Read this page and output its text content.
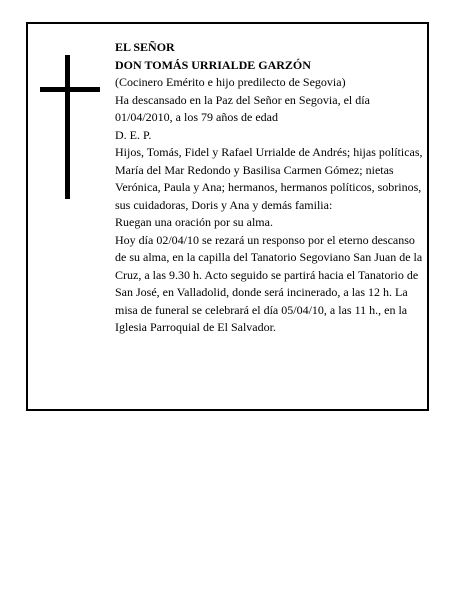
EL SEÑOR

DON TOMÁS URRIALDE GARZÓN

(Cocinero Emérito e hijo predilecto de Segovia)

Ha descansado en la Paz del Señor en Segovia, el día 01/04/2010, a los 79 años de edad

D. E. P.

Hijos, Tomás, Fidel y Rafael Urrialde de Andrés; hijas políticas, María del Mar Redondo y Basilisa Carmen Gómez; nietas Verónica, Paula y Ana; hermanos, hermanos políticos, sobrinos, sus cuidadoras, Doris y Ana y demás familia:

Ruegan una oración por su alma.

Hoy día 02/04/10 se rezará un responso por el eterno descanso de su alma, en la capilla del Tanatorio Segoviano San Juan de la Cruz, a las 9.30 h. Acto seguido se partirá hacia el Tanatorio de San José, en Valladolid, donde será incinerado, a las 12 h. La misa de funeral se celebrará el día 05/04/10, a las 11 h., en la Iglesia Parroquial de El Salvador.
